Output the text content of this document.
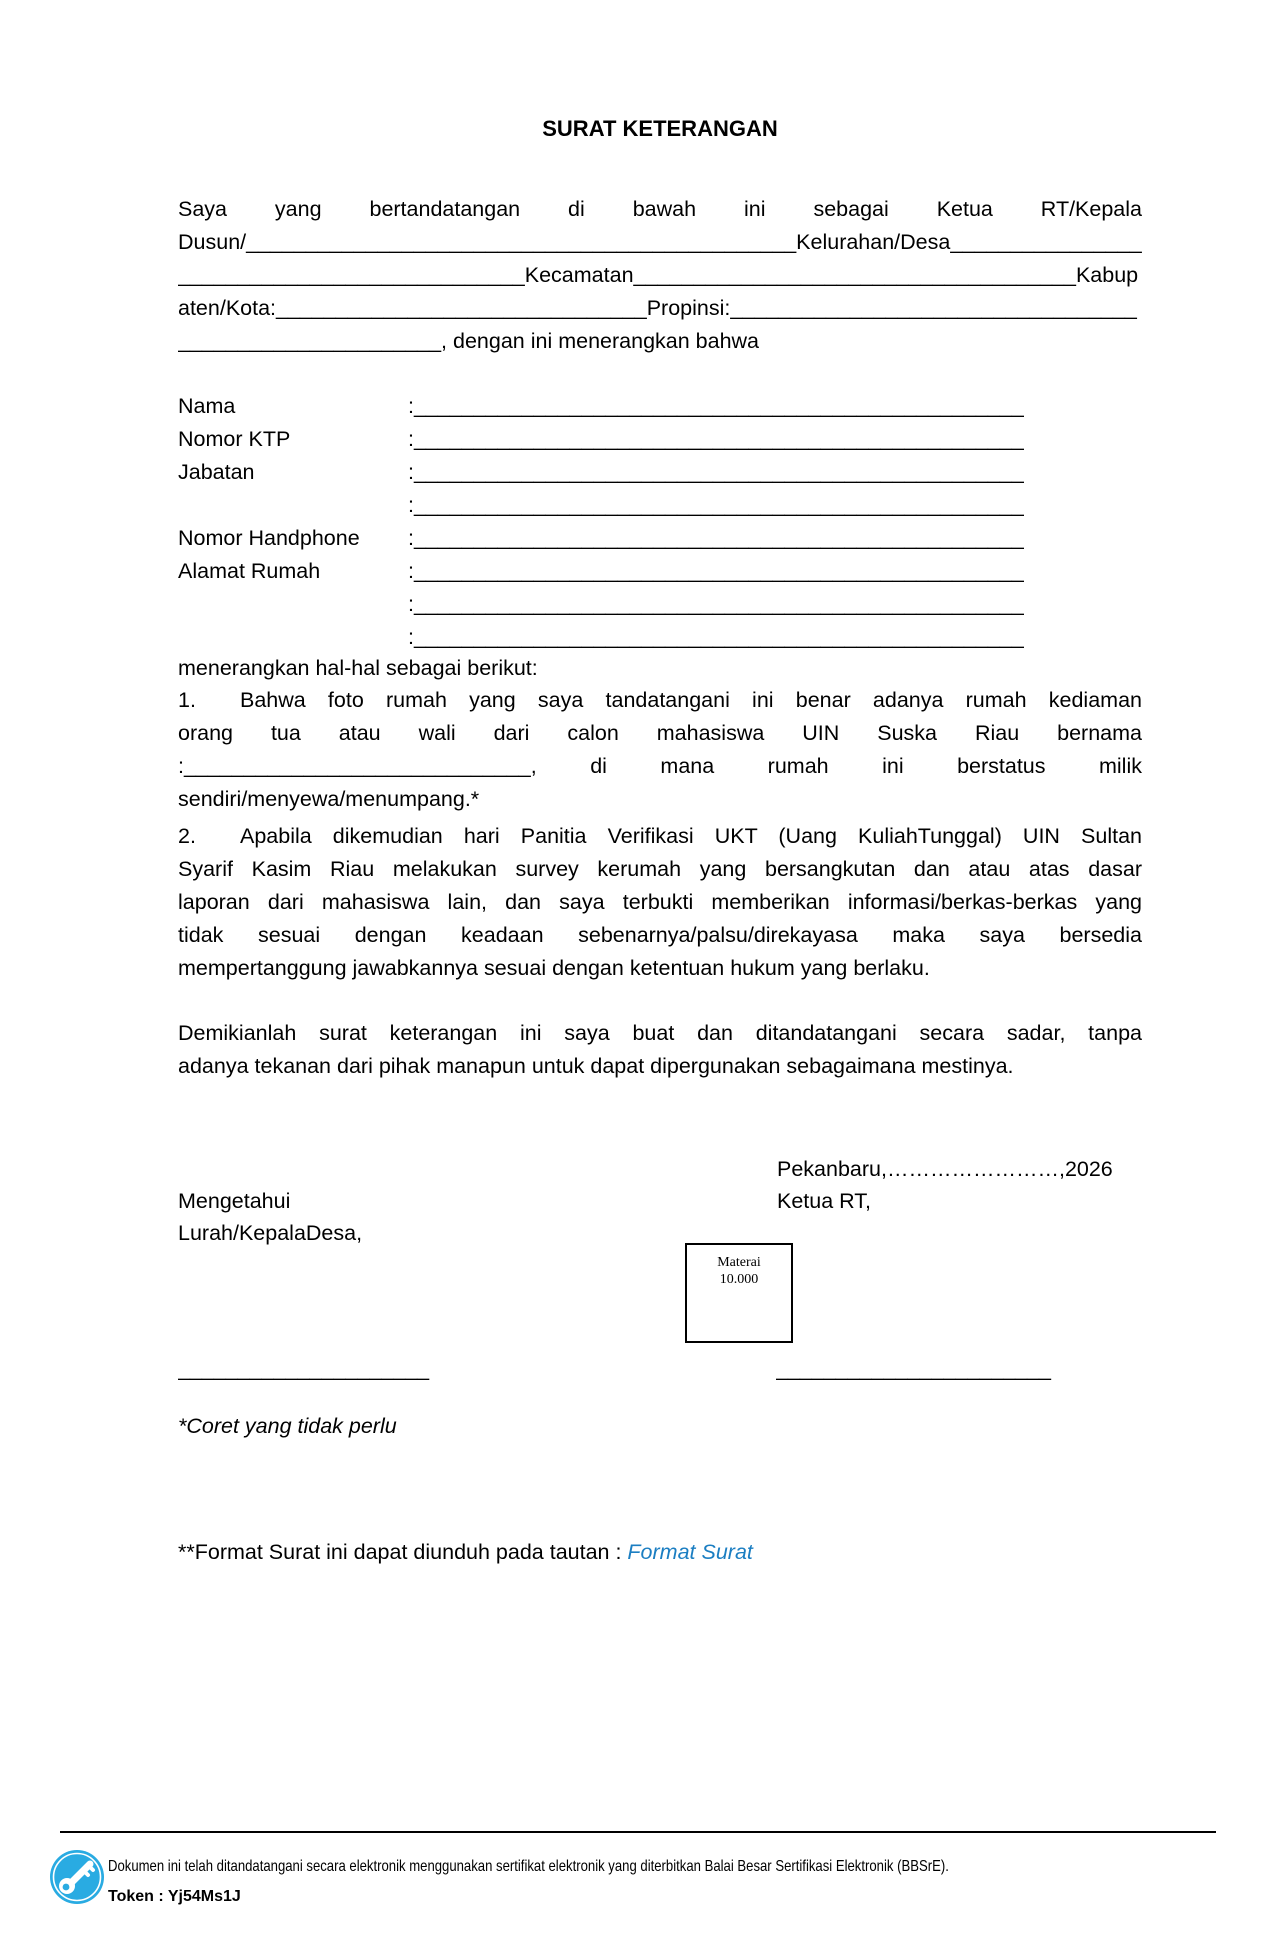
SURAT KETERANGAN
Saya yang bertandatangan di bawah ini sebagai Ketua RT/Kepala
Dusun/______________________________________________Kelurahan/Desa________________
_____________________________Kecamatan_____________________________________Kabup
aten/Kota:_______________________________Propinsi:__________________________________
______________________, dengan ini menerangkan bahwa
Nama	:___________________________________________________
Nomor KTP	:___________________________________________________
Jabatan	:___________________________________________________
:___________________________________________________
Nomor Handphone	:___________________________________________________
Alamat Rumah	:___________________________________________________
:___________________________________________________
:___________________________________________________
menerangkan hal-hal sebagai berikut:
1. Bahwa foto rumah yang saya tandatangani ini benar adanya rumah kediaman
orang tua atau wali dari calon mahasiswa UIN Suska Riau bernama
:_____________________________, di mana rumah ini berstatus milik
sendiri/menyewa/menumpang.*
2. Apabila dikemudian hari Panitia Verifikasi UKT (Uang KuliahTunggal) UIN Sultan
Syarif Kasim Riau melakukan survey kerumah yang bersangkutan dan atau atas dasar
laporan dari mahasiswa lain, dan saya terbukti memberikan informasi/berkas-berkas yang
tidak sesuai dengan keadaan sebenarnya/palsu/direkayasa maka saya bersedia
mempertanggung jawabkannya sesuai dengan ketentuan hukum yang berlaku.
Demikianlah surat keterangan ini saya buat dan ditandatangani secara sadar, tanpa
adanya tekanan dari pihak manapun untuk dapat dipergunakan sebagaimana mestinya.
Pekanbaru,……………………,2026
Ketua RT,
Mengetahui
Lurah/KepalaDesa,
Materai
10.000
_____________________	_______________________
*Coret yang tidak perlu
**Format Surat ini dapat diunduh pada tautan : Format Surat
Dokumen ini telah ditandatangani secara elektronik menggunakan sertifikat elektronik yang diterbitkan Balai Besar Sertifikasi Elektronik (BBSrE).
Token : Yj54Ms1J
